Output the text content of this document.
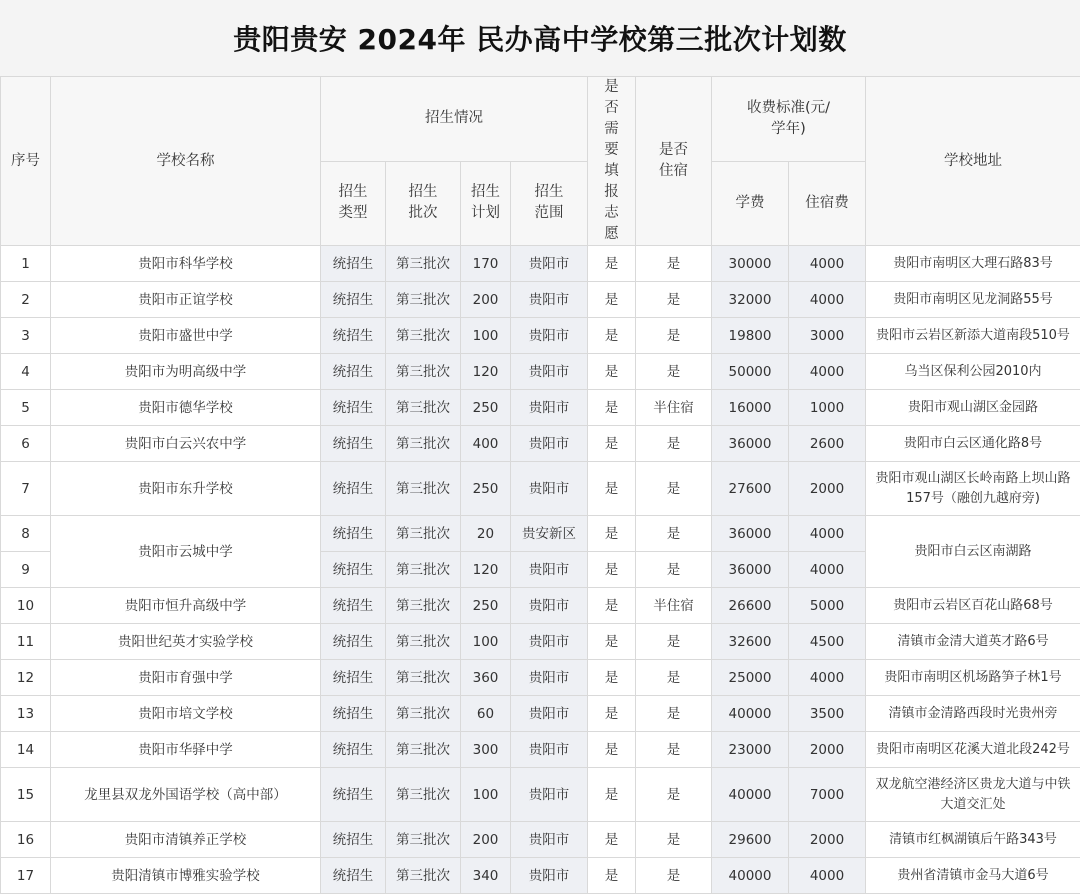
贵阳贵安 2024年 民办高中学校第三批次计划数
序号	学校名称	招生情况				是否需要填报志愿	是否住宿	收费标准(元/学年)		学校地址
		招生类型	招生批次	招生计划	招生范围			学费	住宿费	
1	贵阳市科华学校	统招生	第三批次	170	贵阳市	是	是	30000	4000	贵阳市南明区大理石路83号
2	贵阳市正谊学校	统招生	第三批次	200	贵阳市	是	是	32000	4000	贵阳市南明区见龙洞路55号
3	贵阳市盛世中学	统招生	第三批次	100	贵阳市	是	是	19800	3000	贵阳市云岩区新添大道南段510号
4	贵阳市为明高级中学	统招生	第三批次	120	贵阳市	是	是	50000	4000	乌当区保利公园2010内
5	贵阳市德华学校	统招生	第三批次	250	贵阳市	是	半住宿	16000	1000	贵阳市观山湖区金园路
6	贵阳市白云兴农中学	统招生	第三批次	400	贵阳市	是	是	36000	2600	贵阳市白云区通化路8号
7	贵阳市东升学校	统招生	第三批次	250	贵阳市	是	是	27600	2000	贵阳市观山湖区长岭南路上坝山路157号（融创九越府旁)
8	贵阳市云城中学	统招生	第三批次	20	贵安新区	是	是	36000	4000	贵阳市白云区南湖路
9		统招生	第三批次	120	贵阳市	是	是	36000	4000	
10	贵阳市恒升高级中学	统招生	第三批次	250	贵阳市	是	半住宿	26600	5000	贵阳市云岩区百花山路68号
11	贵阳世纪英才实验学校	统招生	第三批次	100	贵阳市	是	是	32600	4500	清镇市金清大道英才路6号
12	贵阳市育强中学	统招生	第三批次	360	贵阳市	是	是	25000	4000	贵阳市南明区机场路笋子林1号
13	贵阳市培文学校	统招生	第三批次	60	贵阳市	是	是	40000	3500	清镇市金清路西段时光贵州旁
14	贵阳市华驿中学	统招生	第三批次	300	贵阳市	是	是	23000	2000	贵阳市南明区花溪大道北段242号
15	龙里县双龙外国语学校（高中部）	统招生	第三批次	100	贵阳市	是	是	40000	7000	双龙航空港经济区贵龙大道与中铁大道交汇处
16	贵阳市清镇养正学校	统招生	第三批次	200	贵阳市	是	是	29600	2000	清镇市红枫湖镇后午路343号
17	贵阳清镇市博雅实验学校	统招生	第三批次	340	贵阳市	是	是	40000	4000	贵州省清镇市金马大道6号
